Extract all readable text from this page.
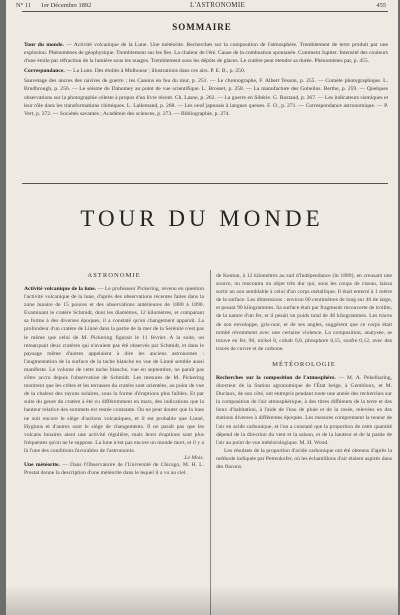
N° 11 1er Décembre 1892	L'ASTRONOMIE	455
SOMMAIRE

Tour du monde. — Activité volcanique de la Lune. Une météorite. Recherches sur la composition de l'atmosphère. Tremblement de terre produit par une explosion. Phénomènes de géophysique. Tremblement sur les îles. La chaleur de l'été. Cause de la combustion spontanée. Comment Jupiter. Intensité des couleurs d'une étoile par réfraction de la lumière sous les nuages. Tremblement sous les dépôts de glaces. Le cratère peut étendre sa durée. Phénomènes par, p. 455.

Correspondance. — La Lune. Des étoiles à Mulhouse ; illustrations dans ces airs. P. E. B., p. 250.

Sauvetage des ancres des navires de guerre ; les Canons en feu du mur, p. 251. — Le chronographe, F. Albert Tesson, p. 255. — Comète photographique. L. Brudbrough, p. 256. — Le séisme du Dahomey au point de vue scientifique. L. Brosset, p. 258. — La manufacture des Gobelins. Berthe, p. 259. — Quelques observations sur la photographie céleste à propos d'un livre récent. Ch. Lasne, p. 262. — La guerre en Sibérie. G. Rostand, p. 267. — Les indicateurs sismiques et leur rôle dans les transformations chimiques. L. Lallemand, p. 268. — Les oeuf japonais à langues queues. F. O., p. 271. — Correspondance astronomique. — P. Vert, p. 272. — Sociétés savantes ; Académie des sciences, p. 273. — Bibliographie, p. 274.

TOUR DU MONDE

ASTRONOMIE

Activité volcanique de la lune. — Le professeur Pickering, revenu en question l'activité volcanique de la lune, d'après des observations récentes faites dans la zone lunaire de 15 pouces et des observations antérieures de 1880 à 1890. Examinant le cratère Schmidt, dont les diamètres, 12 kilomètres, et comparant sa forme à des diverses époques, il a constaté qu'un changement apparaît. La profondeur d'un cratère de Linné dans la partie de la mer de la Sérénité n'est pas le même que celui de M. Pickering figurait le 11 février. A la suite, on remarquait deux cratères qui n'avaient pas été observés par Schmidt, et dans le paysage même d'autres appelaient à dire les anciens astronomes : l'augmentation de la surface de la tache blanche en vue de Linné semble aussi manifeste. Le volume de cette tache blanche, vue en septembre, ne paraît pas s'être accru depuis l'observation de Schmidt. Les mesures de M. Pickering montrent que les crêtes et les terrasses du cratère sont orientées, au point de vue de la chaleur des rayons solaires, sous la forme d'éruptions plus faibles. Et par suite du genre du cratère à été vu différemment en mars, des indications que la hauteur relative des sommets est restée constante. On ne peut douter que la lune ne soit encore le siège d'actions volcaniques, et il est probable que Linné, Hyginus et d'autres sont le siège de changements. Il ne paraît pas que les volcans lunaires aient une activité régulière, mais leurs éruptions sont plus fréquentes qu'on ne le suppose. La lune n'est pas encore un monde mort, et il y a là l'une des conditions favorables de l'astronomie.

Le Mois.

Une météorite. — Dans l'Observatoire de l'Université de Chicago, M. H. L. Prestat donne la description d'une météorite dans le lequel il a vu au ciel.

de Kenton, à 12 kilomètres au sud d'Indépendance (in 1889), en creusant une source, on rencontra un objet très dur qui, sous les coups de ciseau, laissa sortir un son semblable à celui d'un corps métallique. Il était enterré à 1 mètre de la surface. Les dimensions : environ 60 centimètres de long sur 40 de large, et pesant 90 kilogrammes. Sa surface était par fragments recouverte de troilite, de la nature d'un fer, et il pesait un poids total de 46 kilogrammes. Les traces de son enveloppe, gris-noir, et de ses angles, suggèrent que ce corps était tombé récemment avec une certaine violence. La composition, analysée, se trouve en fer, 90, nickel 8, cobalt 0,8, phosphore 0,15, soufre 0,12, avec des traces de cuivre et de carbone.

MÉTÉOROLOGIE

Recherches sur la composition de l'atmosphère. — M. A. Pekelharing, directeur de la Station agronomique de l'État belge, à Gembloux, et M. Duclaux, de son côté, ont entrepris pendant toute une année des recherches sur la composition de l'air atmosphérique, à des titres différents de la terre et des lieux d'habitation, à l'aide de l'eau de pluie et de la rosée, relevées en des stations diverses à différentes époques. Les mesures comprennent la teneur de l'air en acide carbonique, et l'on a constaté que la proportion de cette quantité dépend de la direction du vent et la saison, et de la hauteur et de la partie de l'air au point de vue météorologique. M. H. Wood.

Les résultats de la proportion d'acide carbonique ont été obtenus d'après la méthode indiquée par Pettenkofer, où les échantillons d'air étaient aspirés dans des flacons.
